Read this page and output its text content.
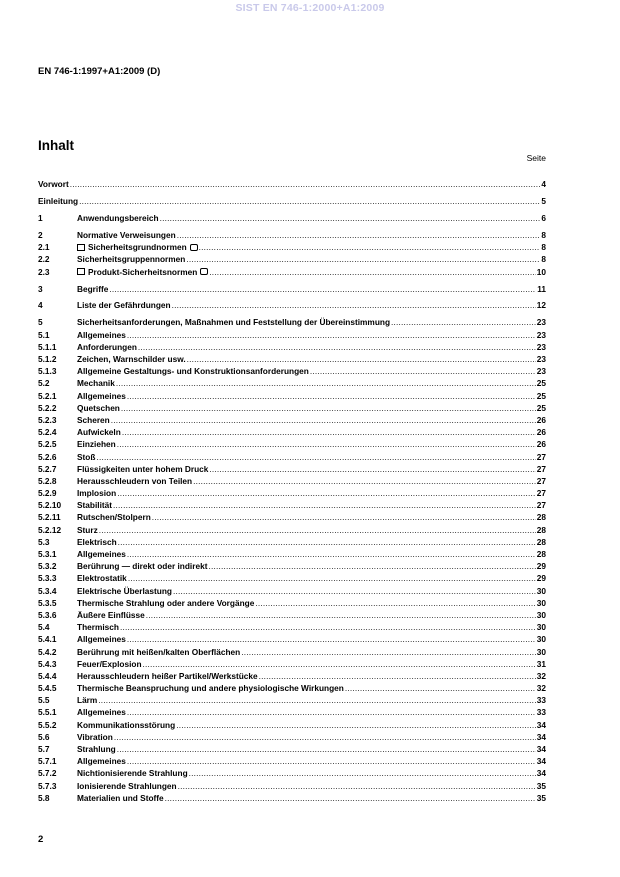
SIST EN 746-1:2000+A1:2009
EN 746-1:1997+A1:2009 (D)
Inhalt
Seite
Vorwort .....	4
Einleitung .....	5
1	Anwendungsbereich .....	6
2	Normative Verweisungen .....	8
2.1	Sicherheitsgrundnormen .....	8
2.2	Sicherheitsgruppennormen .....	8
2.3	Produkt-Sicherheitsnormen .....	10
3	Begriffe .....	11
4	Liste der Gefährdungen .....	12
5	Sicherheitsanforderungen, Maßnahmen und Feststellung der Übereinstimmung .....	23
5.1	Allgemeines .....	23
5.1.1	Anforderungen .....	23
5.1.2	Zeichen, Warnschilder usw. .....	23
5.1.3	Allgemeine Gestaltungs- und Konstruktionsanforderungen .....	23
5.2	Mechanik .....	25
5.2.1	Allgemeines .....	25
5.2.2	Quetschen .....	25
5.2.3	Scheren .....	26
5.2.4	Aufwickeln .....	26
5.2.5	Einziehen .....	26
5.2.6	Stoß .....	27
5.2.7	Flüssigkeiten unter hohem Druck .....	27
5.2.8	Herausschleudern von Teilen .....	27
5.2.9	Implosion .....	27
5.2.10	Stabilität .....	27
5.2.11	Rutschen/Stolpern .....	28
5.2.12	Sturz .....	28
5.3	Elektrisch .....	28
5.3.1	Allgemeines .....	28
5.3.2	Berührung — direkt oder indirekt .....	29
5.3.3	Elektrostatik .....	29
5.3.4	Elektrische Überlastung .....	30
5.3.5	Thermische Strahlung oder andere Vorgänge .....	30
5.3.6	Äußere Einflüsse .....	30
5.4	Thermisch .....	30
5.4.1	Allgemeines .....	30
5.4.2	Berührung mit heißen/kalten Oberflächen .....	30
5.4.3	Feuer/Explosion .....	31
5.4.4	Herausschleudern heißer Partikel/Werkstücke .....	32
5.4.5	Thermische Beanspruchung und andere physiologische Wirkungen .....	32
5.5	Lärm .....	33
5.5.1	Allgemeines .....	33
5.5.2	Kommunikationsstörung .....	34
5.6	Vibration .....	34
5.7	Strahlung .....	34
5.7.1	Allgemeines .....	34
5.7.2	Nichtionisierende Strahlung .....	34
5.7.3	Ionisierende Strahlungen .....	35
5.8	Materialien und Stoffe .....	35
2
